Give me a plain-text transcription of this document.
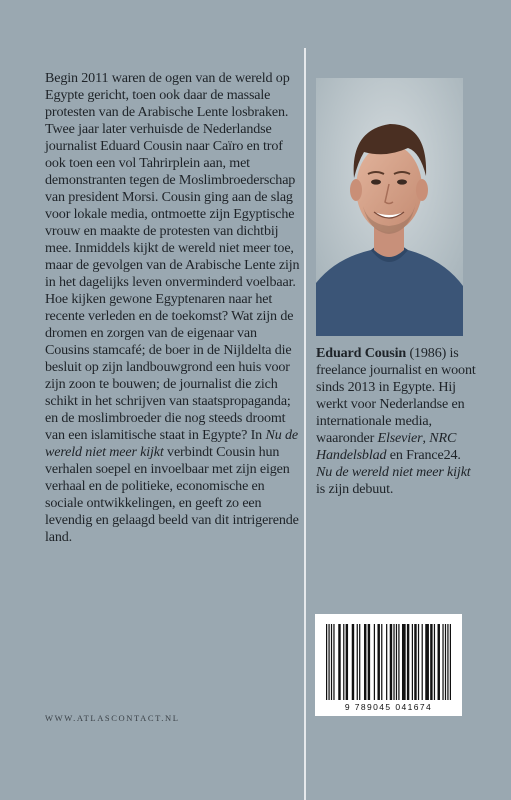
Begin 2011 waren de ogen van de wereld op Egypte gericht, toen ook daar de massale protesten van de Arabische Lente losbraken. Twee jaar later verhuisde de Nederlandse journalist Eduard Cousin naar Caïro en trof ook toen een vol Tahrirplein aan, met demonstranten tegen de Moslimbroederschap van president Morsi. Cousin ging aan de slag voor lokale media, ontmoette zijn Egyptische vrouw en maakte de protesten van dichtbij mee. Inmiddels kijkt de wereld niet meer toe, maar de gevolgen van de Arabische Lente zijn in het dagelijks leven onverminderd voelbaar. Hoe kijken gewone Egyptenaren naar het recente verleden en de toekomst? Wat zijn de dromen en zorgen van de eigenaar van Cousins stamcafé; de boer in de Nijldelta die besluit op zijn landbouwgrond een huis voor zijn zoon te bouwen; de journalist die zich schikt in het schrijven van staatspropaganda; en de moslimbroeder die nog steeds droomt van een islamitische staat in Egypte? In Nu de wereld niet meer kijkt verbindt Cousin hun verhalen soepel en invoelbaar met zijn eigen verhaal en de politieke, economische en sociale ontwikkelingen, en geeft zo een levendig en gelaagd beeld van dit intrigerende land.

WWW.ATLASCONTACT.NL

Eduard Cousin (1986) is freelance journalist en woont sinds 2013 in Egypte. Hij werkt voor Nederlandse en internationale media, waaronder Elsevier, NRC Handelsblad en France24. Nu de wereld niet meer kijkt is zijn debuut.

9 789045 041674
